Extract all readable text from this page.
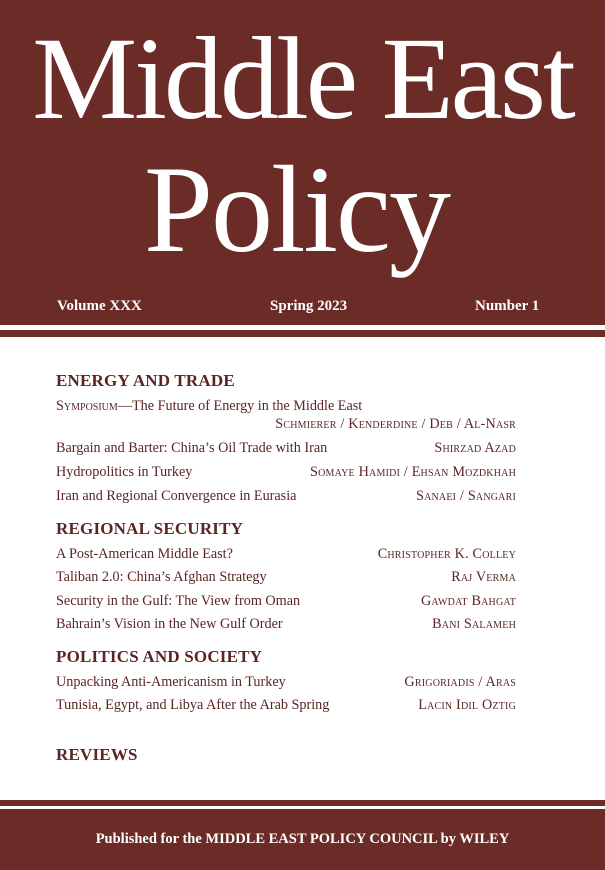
Middle East
Policy
Volume XXX	Spring 2023	Number 1
ENERGY AND TRADE
Symposium—The Future of Energy in the Middle East
Schmierer / Kenderdine / Deb / Al-Nasr
Bargain and Barter: China’s Oil Trade with Iran	Shirzad Azad
Hydropolitics in Turkey	Somaye Hamidi / Ehsan Mozdkhah
Iran and Regional Convergence in Eurasia	Sanaei / Sangari
REGIONAL SECURITY
A Post-American Middle East?	Christopher K. Colley
Taliban 2.0: China’s Afghan Strategy	Raj Verma
Security in the Gulf: The View from Oman	Gawdat Bahgat
Bahrain’s Vision in the New Gulf Order	Bani Salameh
POLITICS AND SOCIETY
Unpacking Anti-Americanism in Turkey	Grigoriadis / Aras
Tunisia, Egypt, and Libya After the Arab Spring	Lacin Idil Oztig
REVIEWS
Published for the MIDDLE EAST POLICY COUNCIL by WILEY
